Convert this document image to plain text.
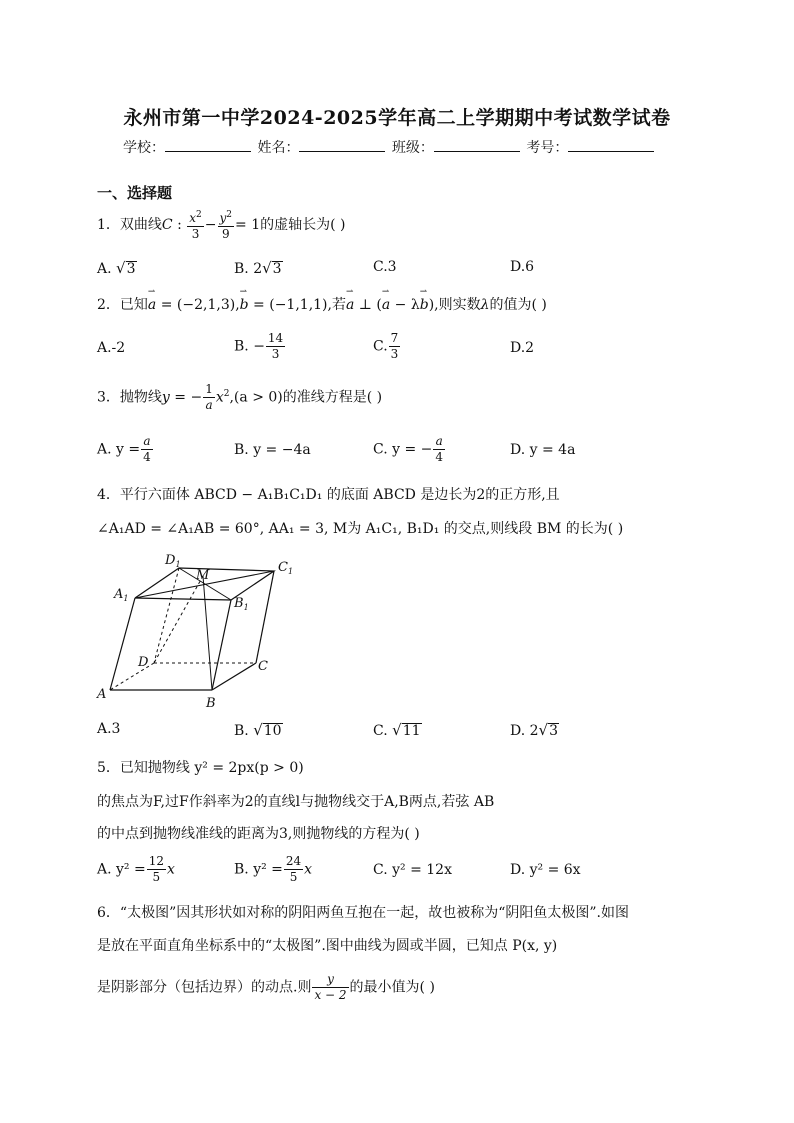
永州市第一中学2024-2025学年高二上学期期中考试数学试卷
学校：	姓名：	班级：	考号：
一、选择题
1．双曲线C : $\frac{x^2}{3} - \frac{y^2}{9} = 1$的虚轴长为( )
A. √3	B. 2√3	C.3	D.6
2．已知⇀ a = (−2,1,3),⇀ b = (−1,1,1),若⇀ a ⊥ (⇀ a − λ⇀ b),则实数λ的值为( )
A.-2	B. − $\frac{14}{3}$	C. $\frac{7}{3}$	D.2
3．抛物线y = − $\frac{1}{a} x^2,(a > 0)$的准线方程是( )
A. $y = \frac{a}{4}$	B. y = −4a	C. y = − $\frac{a}{4}$	D. y = 4a
4．平行六面体 ABCD − A₁B₁C₁D₁ 的底面 ABCD 是边长为2的正方形,且
∠A₁AD = ∠A₁AB = 60°, AA₁ = 3, M为 A₁C₁, B₁D₁ 的交点,则线段 BM 的长为( )
$D_1$
M
$C_1$
$A_1$	$B_1$
D	C
A
B
A.3	B. √10	C. √11	D. 2√3
5．已知抛物线 y² = 2px(p > 0)
的焦点为F,过F作斜率为2的直线l与抛物线交于A,B两点,若弦 AB
的中点到抛物线准线的距离为3,则抛物线的方程为( )
A. $y^2 = \frac{12}{5}$ x	B. $y^2 = \frac{24}{5}$ x	C. y² = 12x	D. y² = 6x
6．“太极图”因其形状如对称的阴阳两鱼互抱在一起，故也被称为“阴阳鱼太极图”.如图
是放在平面直角坐标系中的“太极图”.图中曲线为圆或半圆，已知点 P(x, y)
是阴影部分（包括边界）的动点.则 $\frac{y}{x - 2}$ 的最小值为( )
